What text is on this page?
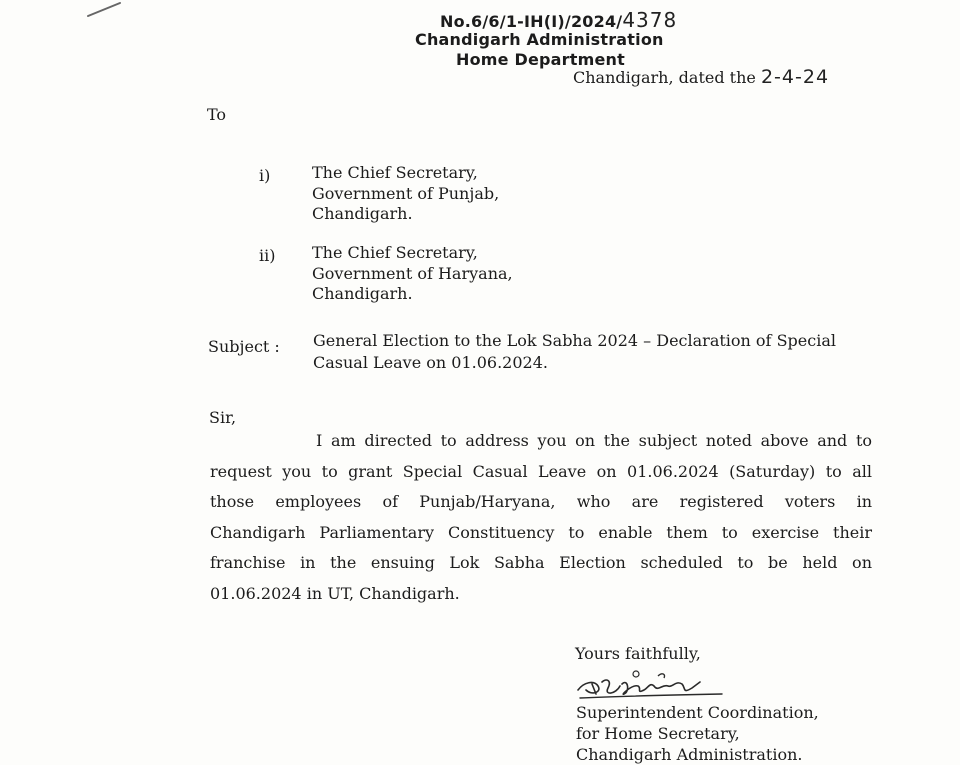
No.6/6/1-IH(I)/2024/4378
Chandigarh Administration
Home Department
Chandigarh, dated the 2-4-24
To
i)	The Chief Secretary,
Government of Punjab,
Chandigarh.
ii) The Chief Secretary,
Government of Haryana,
Chandigarh.
Subject : General Election to the Lok Sabha 2024 – Declaration of Special
Casual Leave on 01.06.2024.
Sir,
I am directed to address you on the subject noted above and to
request you to grant Special Casual Leave on 01.06.2024 (Saturday) to all
those employees of Punjab/Haryana, who are registered voters in
Chandigarh Parliamentary Constituency to enable them to exercise their
franchise in the ensuing Lok Sabha Election scheduled to be held on
01.06.2024 in UT, Chandigarh.
Yours faithfully,
Superintendent Coordination,
for Home Secretary,
Chandigarh Administration.
